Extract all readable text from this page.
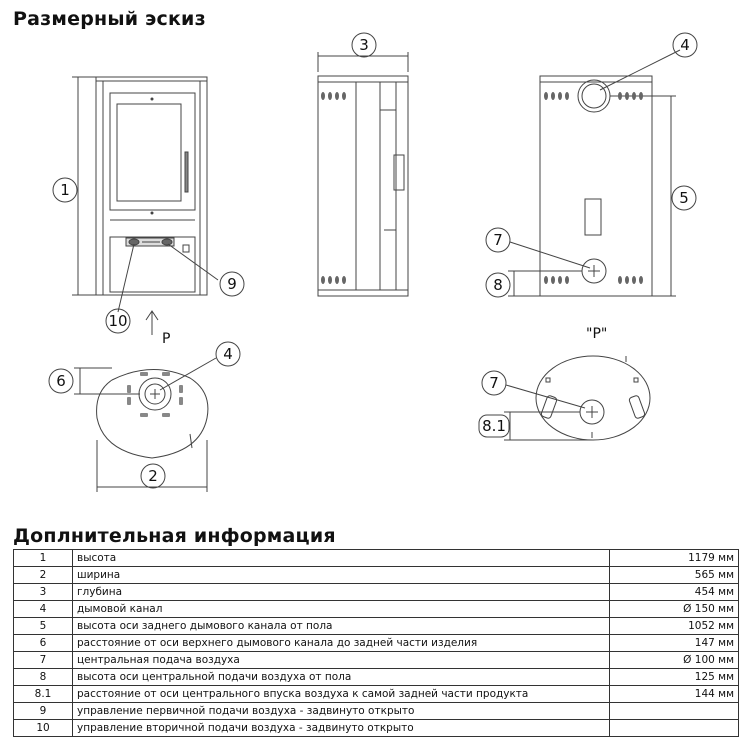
Размерный эскиз
1
2
3	4
4
5
6
7
8
7
8.1
9
10
P	"P"
Доплнительная информация
1	высота	1179 мм
2	ширина	565 мм
3	глубина	454 мм
4	дымовой канал	Ø 150 мм
5	высота оси заднего дымового канала от пола	1052 мм
6	расстояние от оси верхнего дымового канала до задней части изделия	147 мм
7	центральная подача воздуха	Ø 100 мм
8	высота оси центральной подачи воздуха от пола	125 мм
8.1	расстояние от оси центрального впуска воздуха к самой задней части продукта	144 мм
9	управление первичной подачи воздуха - задвинуто открыто	
10	управление вторичной подачи воздуха - задвинуто открыто	
